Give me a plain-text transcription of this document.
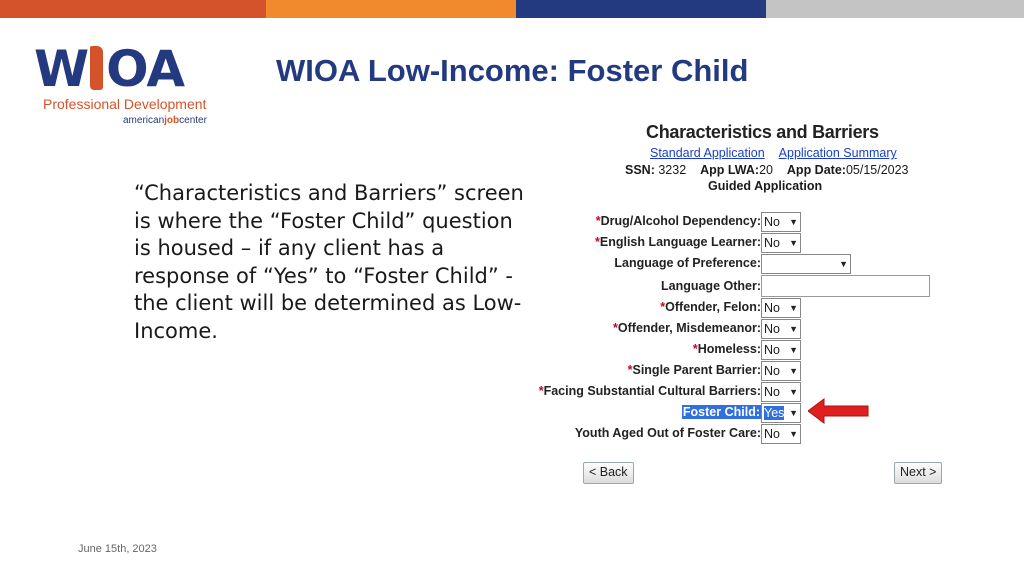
W OA
Professional Development
americanjobcenter
WIOA Low-Income: Foster Child
“Characteristics and Barriers” screen is where the “Foster Child” question is housed – if any client has a response of “Yes” to “Foster Child” - the client will be determined as Low-Income.
June 15th, 2023
Characteristics and Barriers
Standard Application Application Summary
SSN: 3232 App LWA:20 App Date:05/15/2023
Guided Application
*Drug/Alcohol Dependency: No ▼
*English Language Learner: No ▼
Language of Preference:	▼
Language Other:
*Offender, Felon: No ▼
*Offender, Misdemeanor: No ▼
*Homeless: No ▼
*Single Parent Barrier: No ▼
*Facing Substantial Cultural Barriers: No ▼
Foster Child: Yes ▼
Youth Aged Out of Foster Care: No ▼
< Back	Next >
